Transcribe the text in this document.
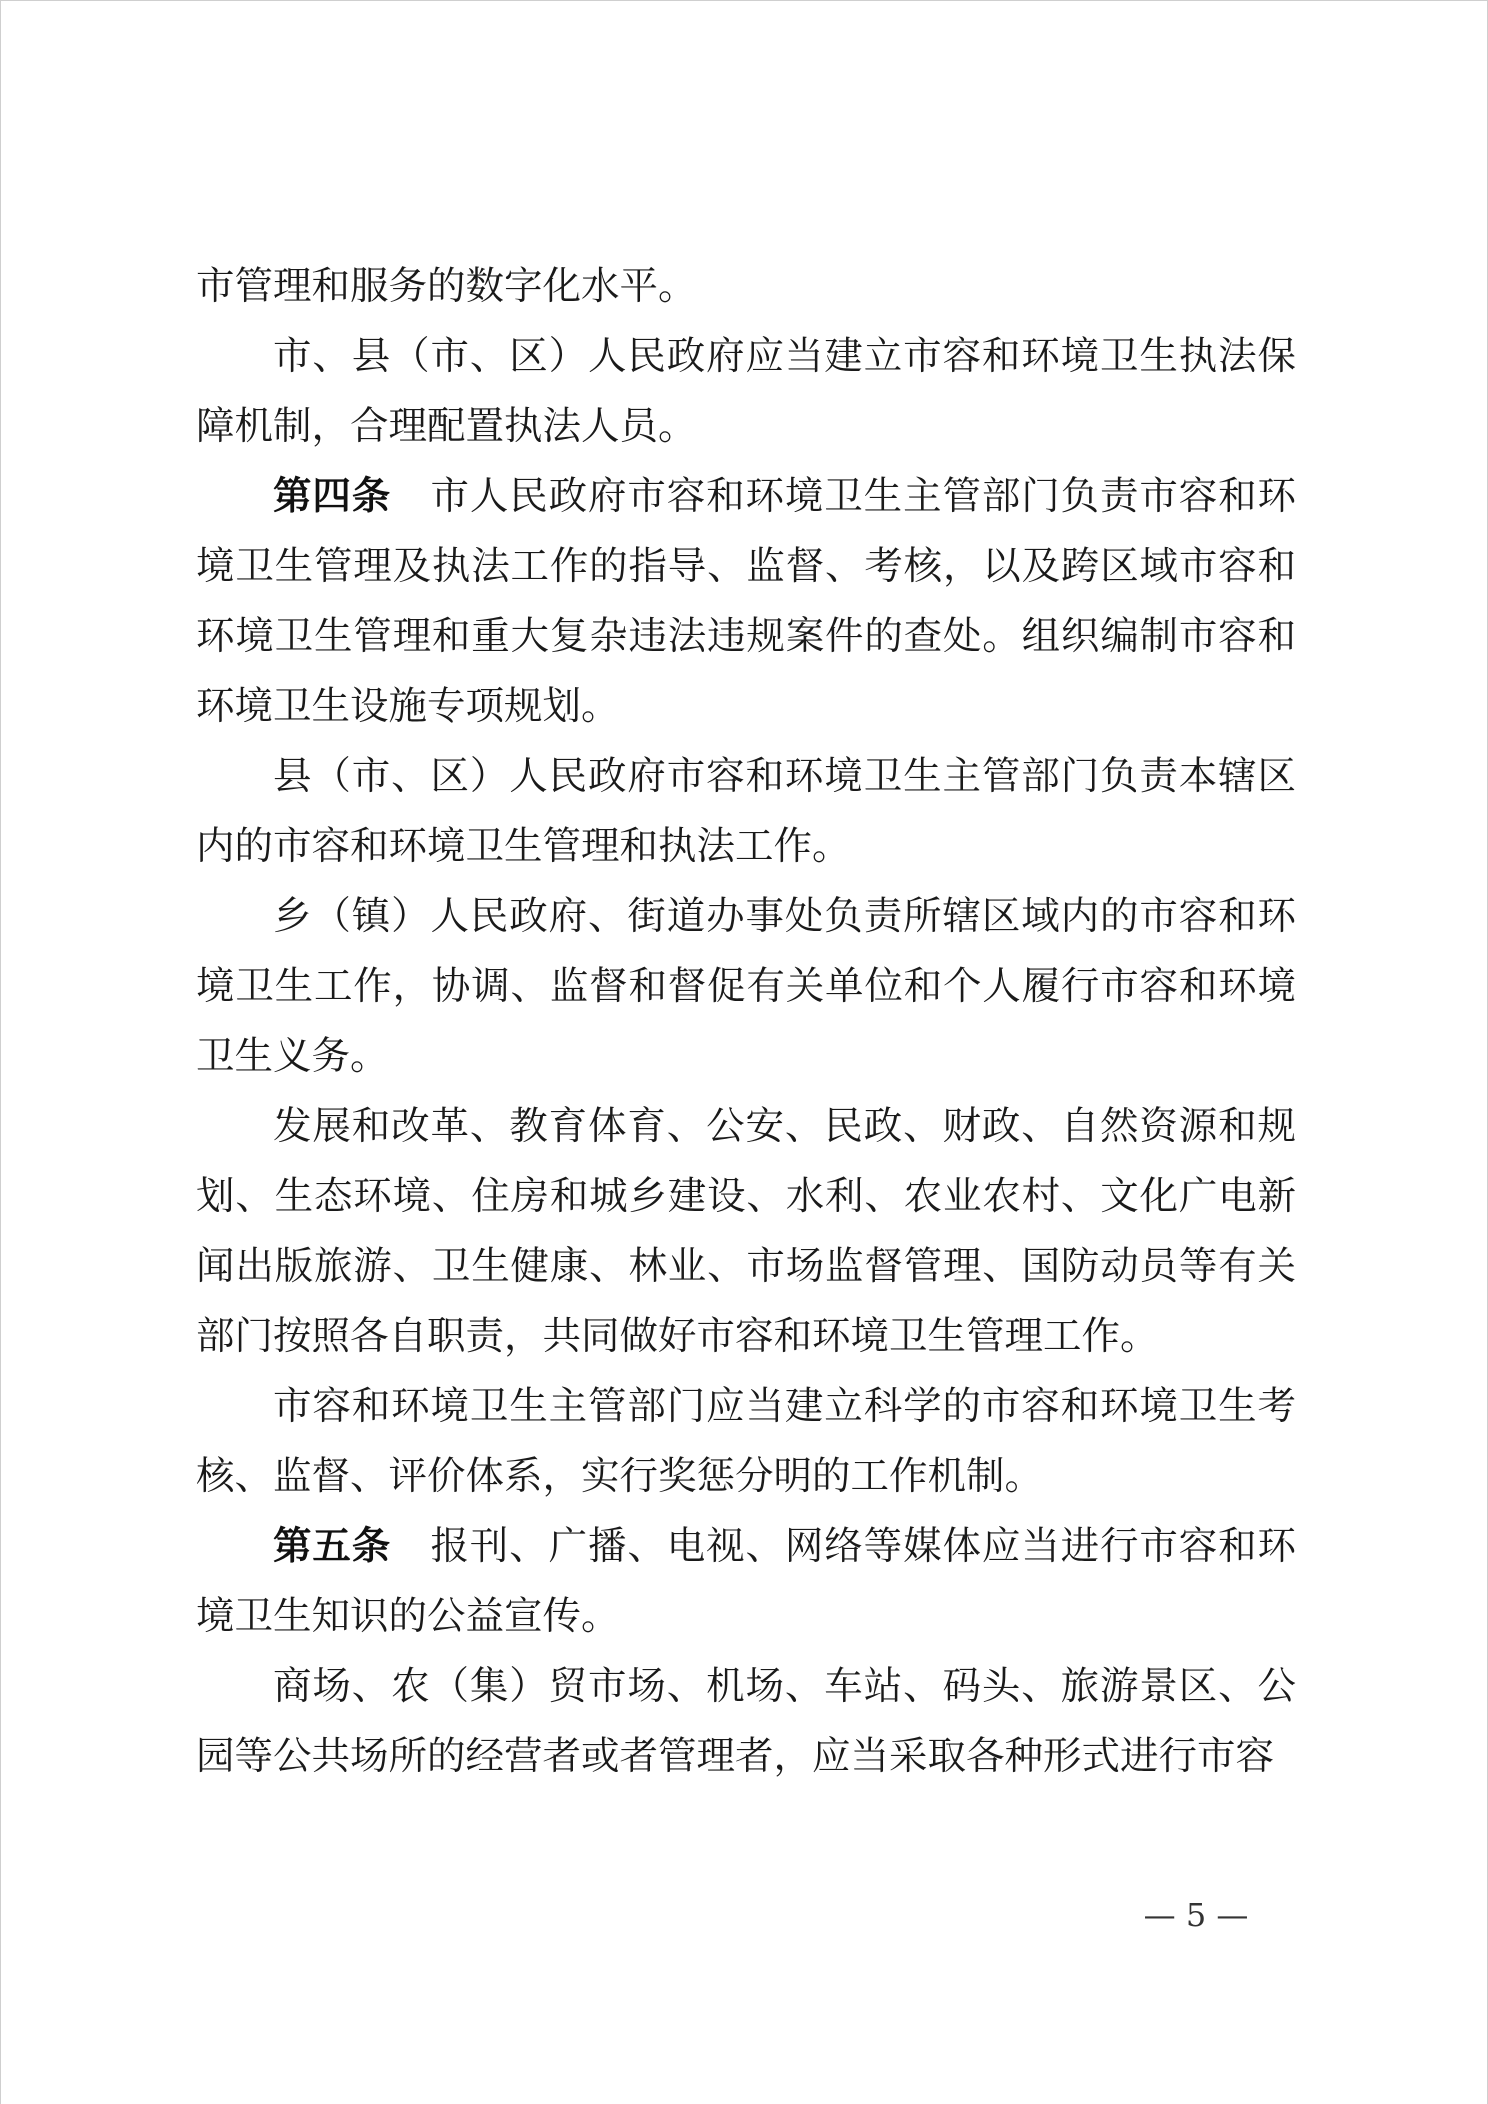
市管理和服务的数字化水平。

市、县（市、区）人民政府应当建立市容和环境卫生执法保障机制，合理配置执法人员。

第四条 市人民政府市容和环境卫生主管部门负责市容和环境卫生管理及执法工作的指导、监督、考核，以及跨区域市容和环境卫生管理和重大复杂违法违规案件的查处。组织编制市容和环境卫生设施专项规划。

县（市、区）人民政府市容和环境卫生主管部门负责本辖区内的市容和环境卫生管理和执法工作。

乡（镇）人民政府、街道办事处负责所辖区域内的市容和环境卫生工作，协调、监督和督促有关单位和个人履行市容和环境卫生义务。

发展和改革、教育体育、公安、民政、财政、自然资源和规划、生态环境、住房和城乡建设、水利、农业农村、文化广电新闻出版旅游、卫生健康、林业、市场监督管理、国防动员等有关部门按照各自职责，共同做好市容和环境卫生管理工作。

市容和环境卫生主管部门应当建立科学的市容和环境卫生考核、监督、评价体系，实行奖惩分明的工作机制。

第五条 报刊、广播、电视、网络等媒体应当进行市容和环境卫生知识的公益宣传。

商场、农（集）贸市场、机场、车站、码头、旅游景区、公园等公共场所的经营者或者管理者，应当采取各种形式进行市容

— 5 —
